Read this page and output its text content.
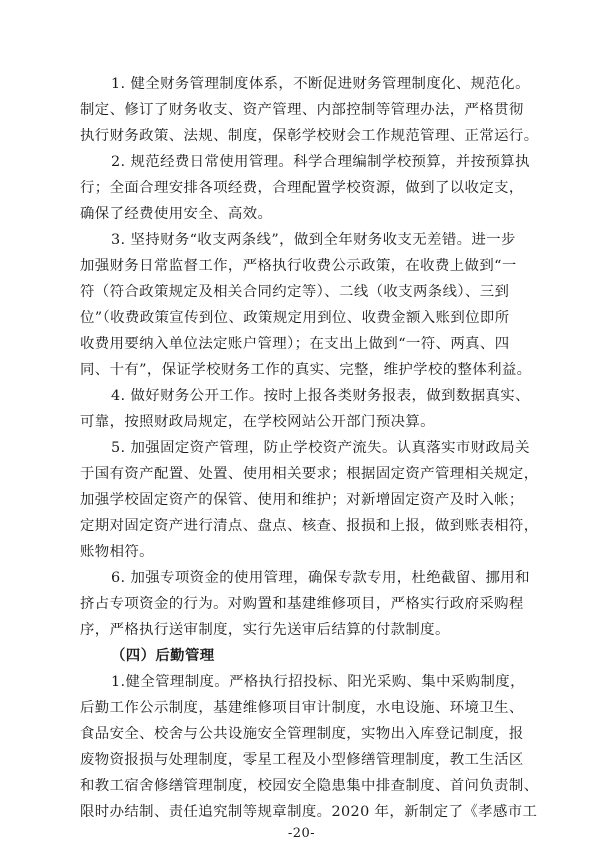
1. 健全财务管理制度体系，不断促进财务管理制度化、规范化。
制定、修订了财务收支、资产管理、内部控制等管理办法，严格贯彻
执行财务政策、法规、制度，保彰学校财会工作规范管理、正常运行。
2. 规范经费日常使用管理。科学合理编制学校预算，并按预算执
行；全面合理安排各项经费，合理配置学校资源，做到了以收定支，
确保了经费使用安全、高效。
3. 坚持财务“收支两条线”，做到全年财务收支无差错。进一步
加强财务日常监督工作，严格执行收费公示政策，在收费上做到“一
符（符合政策规定及相关合同约定等）、二线（收支两条线）、三到
位”（收费政策宣传到位、政策规定用到位、收费金额入账到位即所
收费用要纳入单位法定账户管理）；在支出上做到“一符、两真、四
同、十有”，保证学校财务工作的真实、完整，维护学校的整体利益。
4. 做好财务公开工作。按时上报各类财务报表，做到数据真实、
可靠，按照财政局规定，在学校网站公开部门预决算。
5. 加强固定资产管理，防止学校资产流失。认真落实市财政局关
于国有资产配置、处置、使用相关要求；根据固定资产管理相关规定，
加强学校固定资产的保管、使用和维护；对新增固定资产及时入帐；
定期对固定资产进行清点、盘点、核查、报损和上报，做到账表相符，
账物相符。
6. 加强专项资金的使用管理，确保专款专用，杜绝截留、挪用和
挤占专项资金的行为。对购置和基建维修项目，严格实行政府采购程
序，严格执行送审制度，实行先送审后结算的付款制度。
（四）后勤管理
1.健全管理制度。严格执行招投标、阳光采购、集中采购制度，
后勤工作公示制度，基建维修项目审计制度，水电设施、环境卫生、
食品安全、校舍与公共设施安全管理制度，实物出入库登记制度，报
废物资报损与处理制度，零星工程及小型修缮管理制度，教工生活区
和教工宿舍修缮管理制度，校园安全隐患集中排查制度、首问负责制、
限时办结制、责任追究制等规章制度。2020 年，新制定了《孝感市工
-20-
